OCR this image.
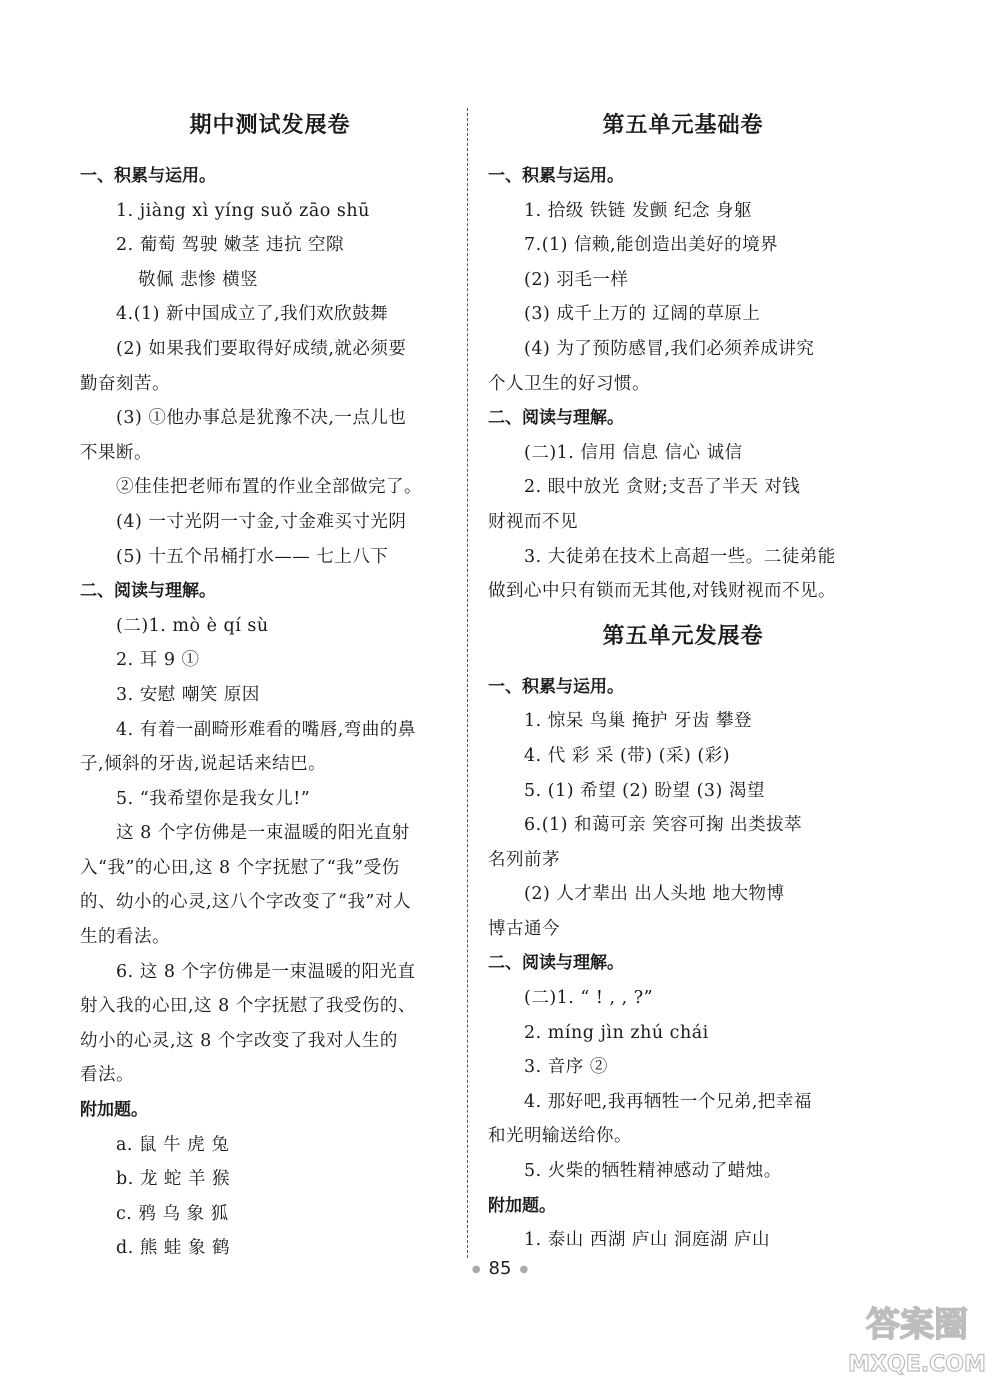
期中测试发展卷
一、积累与运用。
1. jiàng xì yíng suǒ zāo shū
2. 葡萄 驾驶 嫩茎 违抗 空隙
敬佩 悲惨 横竖
4.(1) 新中国成立了,我们欢欣鼓舞
(2) 如果我们要取得好成绩,就必须要
勤奋刻苦。
(3) ①他办事总是犹豫不决,一点儿也
不果断。
②佳佳把老师布置的作业全部做完了。
(4) 一寸光阴一寸金,寸金难买寸光阴
(5) 十五个吊桶打水—— 七上八下
二、阅读与理解。
(二)1. mò è qí sù
2. 耳 9 ①
3. 安慰 嘲笑 原因
4. 有着一副畸形难看的嘴唇,弯曲的鼻
子,倾斜的牙齿,说起话来结巴。
5. “我希望你是我女儿!”
这 8 个字仿佛是一束温暖的阳光直射
入“我”的心田,这 8 个字抚慰了“我”受伤
的、幼小的心灵,这八个字改变了“我”对人
生的看法。
6. 这 8 个字仿佛是一束温暖的阳光直
射入我的心田,这 8 个字抚慰了我受伤的、
幼小的心灵,这 8 个字改变了我对人生的
看法。
附加题。
a. 鼠 牛 虎 兔
b. 龙 蛇 羊 猴
c. 鸦 乌 象 狐
d. 熊 蛙 象 鹤
第五单元基础卷
一、积累与运用。
1. 拾级 铁链 发颤 纪念 身躯
7.(1) 信赖,能创造出美好的境界
(2) 羽毛一样
(3) 成千上万的 辽阔的草原上
(4) 为了预防感冒,我们必须养成讲究
个人卫生的好习惯。
二、阅读与理解。
(二)1. 信用 信息 信心 诚信
2. 眼中放光 贪财;支吾了半天 对钱
财视而不见
3. 大徒弟在技术上高超一些。二徒弟能
做到心中只有锁而无其他,对钱财视而不见。
第五单元发展卷
一、积累与运用。
1. 惊呆 鸟巢 掩护 牙齿 攀登
4. 代 彩 采 (带) (采) (彩)
5. (1) 希望 (2) 盼望 (3) 渴望
6.(1) 和蔼可亲 笑容可掬 出类拔萃
名列前茅
(2) 人才辈出 出人头地 地大物博
博古通今
二、阅读与理解。
(二)1. “ ! , , ?”
2. míng jìn zhú chái
3. 音序 ②
4. 那好吧,我再牺牲一个兄弟,把幸福
和光明输送给你。
5. 火柴的牺牲精神感动了蜡烛。
附加题。
1. 泰山 西湖 庐山 洞庭湖 庐山
● 85 ●
答案圈
MXQE.COM
